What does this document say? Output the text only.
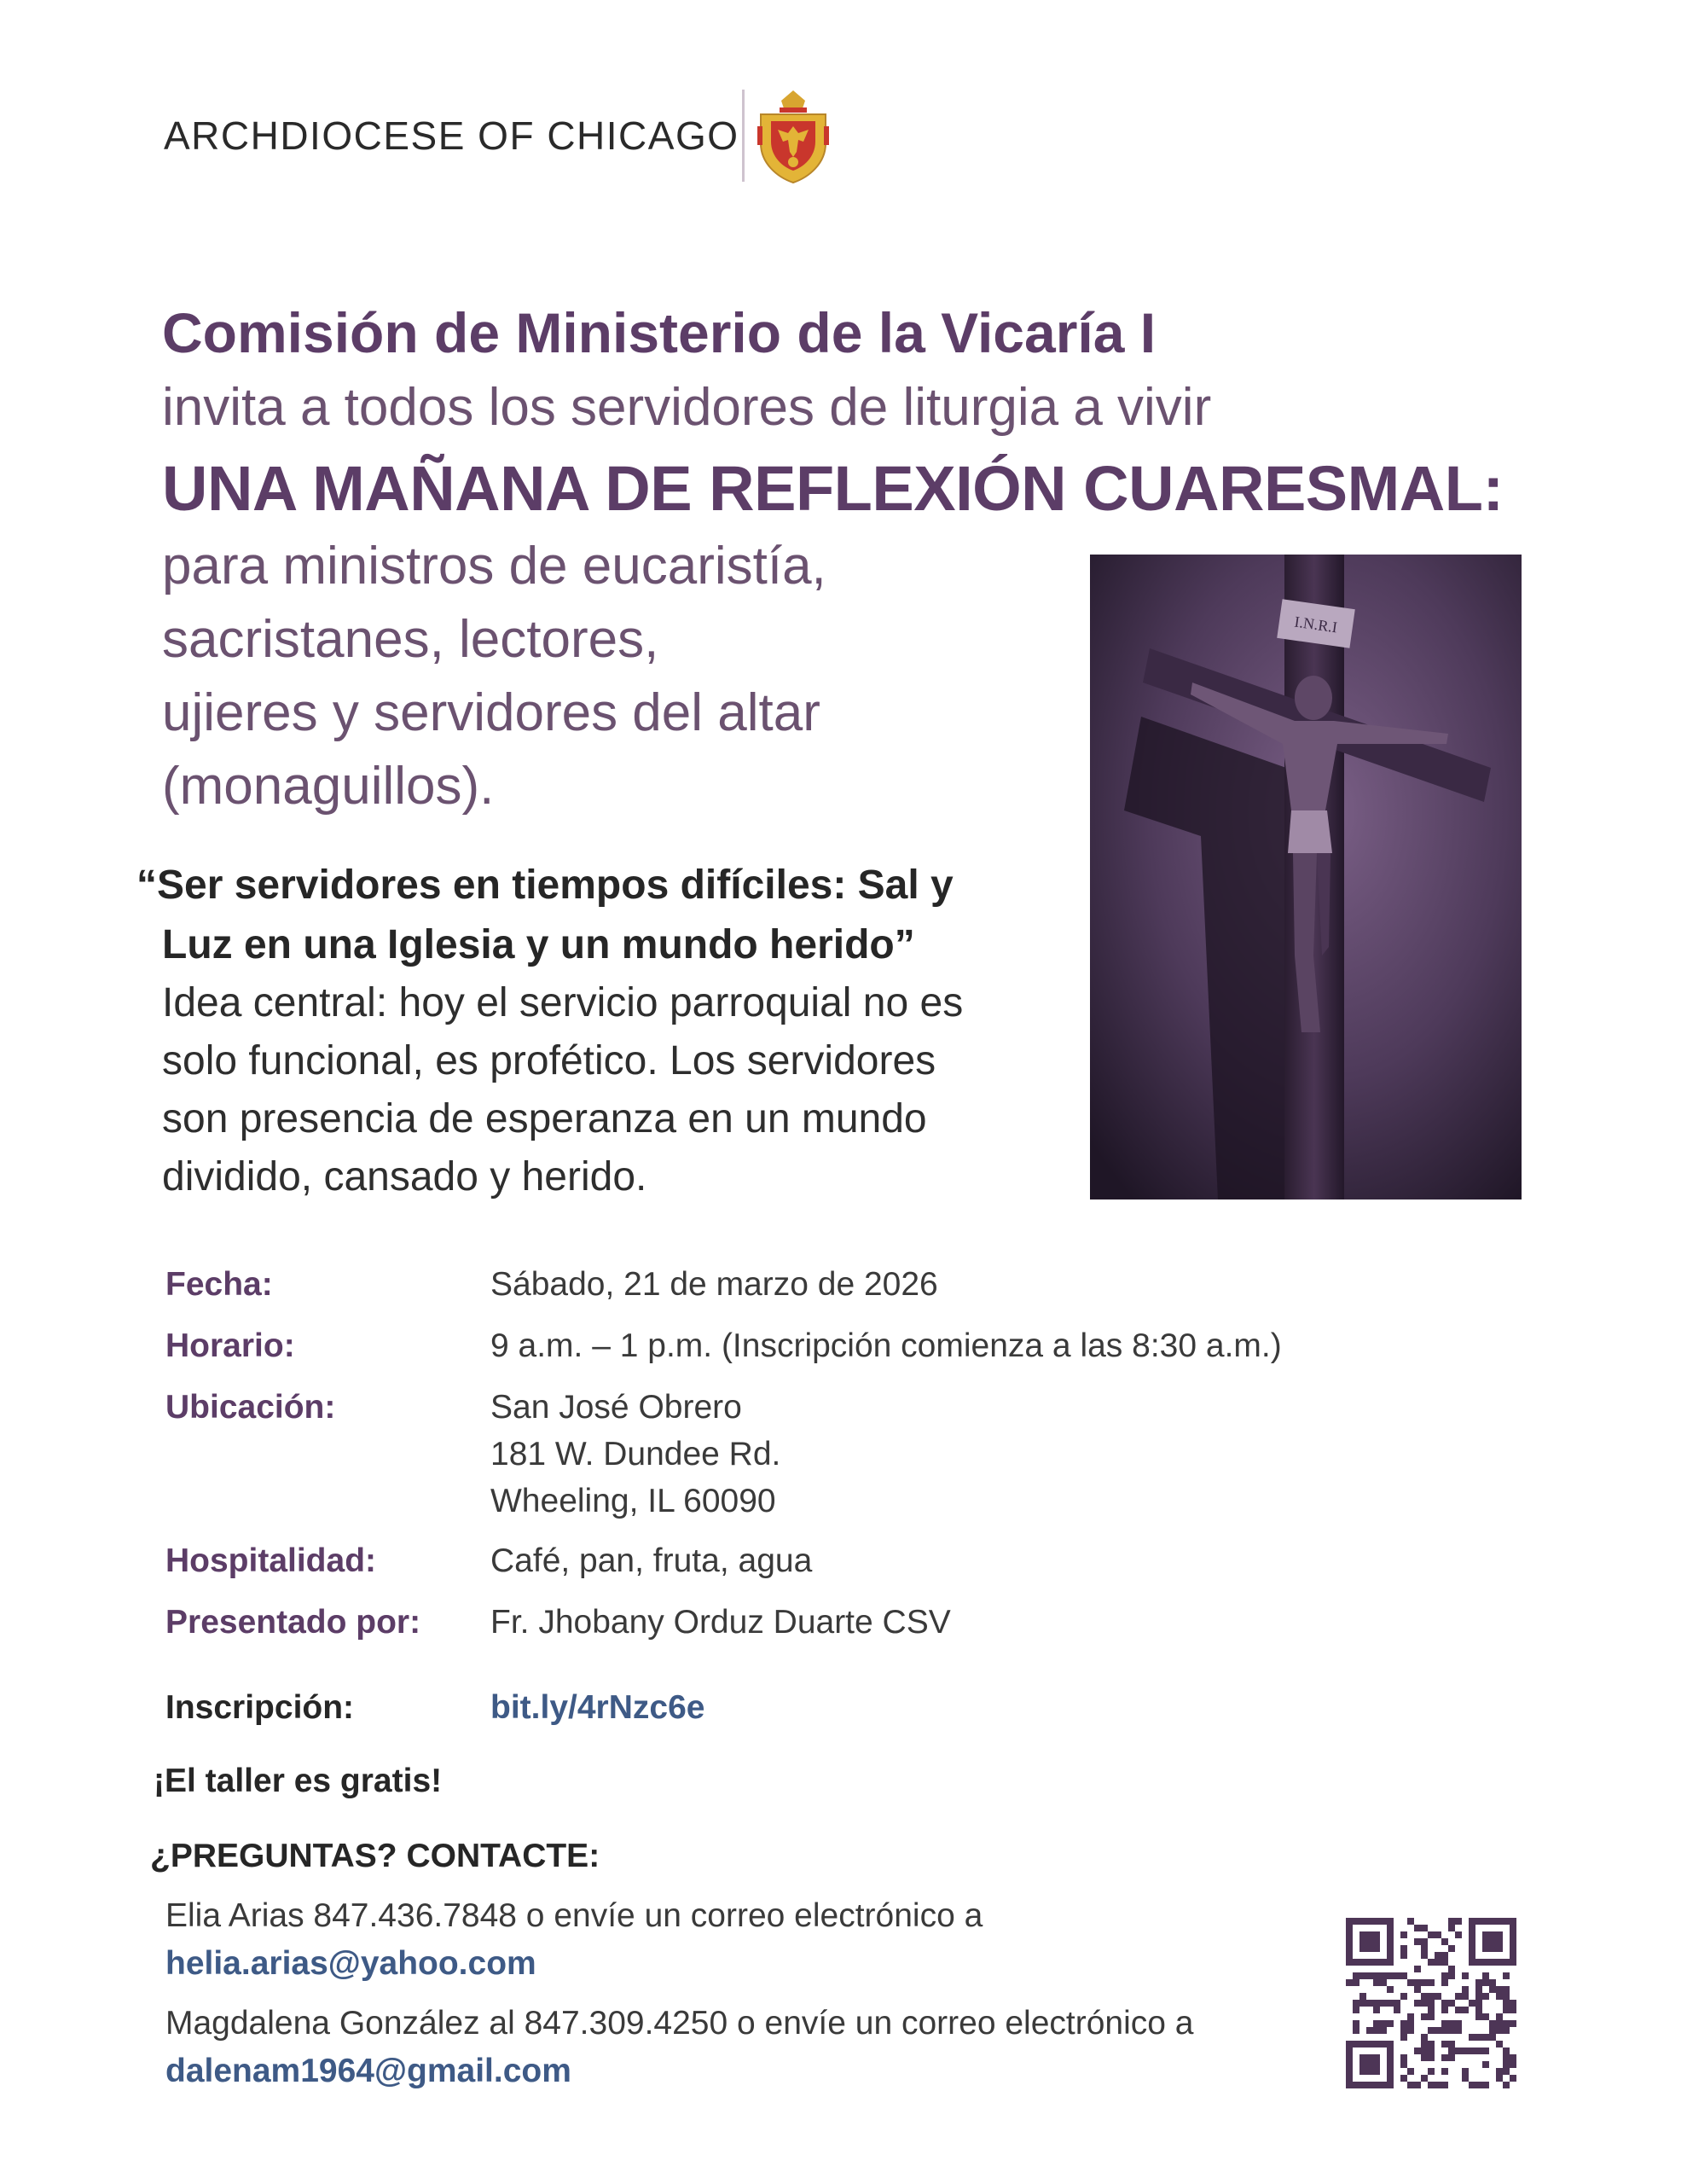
ARCHDIOCESE OF CHICAGO
Comisión de Ministerio de la Vicaría I
invita a todos los servidores de liturgia a vivir
UNA MAÑANA DE REFLEXIÓN CUARESMAL:
para ministros de eucaristía,
sacristanes, lectores,
ujieres y servidores del altar
(monaguillos).
I.N.R.I
“Ser servidores en tiempos difíciles: Sal y
Luz en una Iglesia y un mundo herido”
Idea central: hoy el servicio parroquial no es
solo funcional, es profético. Los servidores
son presencia de esperanza en un mundo
dividido, cansado y herido.
Fecha:	Sábado, 21 de marzo de 2026
Horario:	9 a.m. – 1 p.m. (Inscripción comienza a las 8:30 a.m.)
Ubicación:	San José Obrero
181 W. Dundee Rd.
Wheeling, IL 60090
Hospitalidad:	Café, pan, fruta, agua
Presentado por: Fr. Jhobany Orduz Duarte CSV
Inscripción:	bit.ly/4rNzc6e
¡El taller es gratis!
¿PREGUNTAS? CONTACTE:
Elia Arias 847.436.7848 o envíe un correo electrónico a
helia.arias@yahoo.com
Magdalena González al 847.309.4250 o envíe un correo electrónico a
dalenam1964@gmail.com
